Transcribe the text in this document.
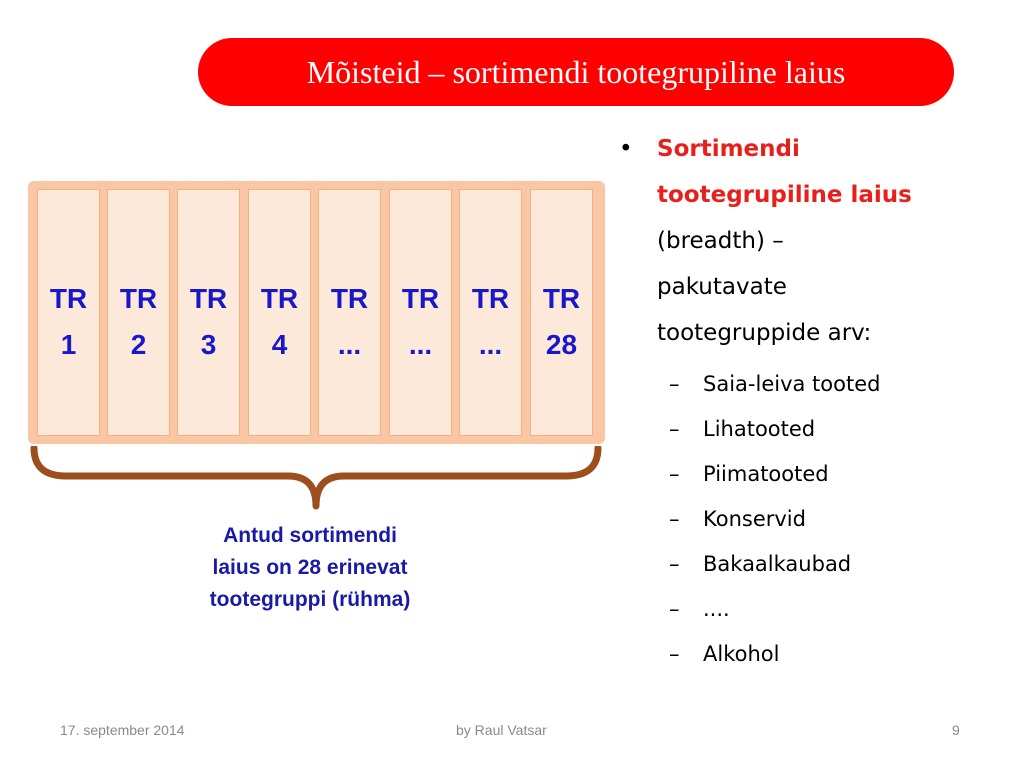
Mõisteid – sortimendi tootegrupiline laius
TR
1
TR
2
TR
3
TR
4
TR
...
TR
...
TR
...
TR
28
Antud sortimendi
laius on 28 erinevat
tootegruppi (rühma)
• Sortimendi
tootegrupiline laius
(breadth) –
pakutavate
tootegruppide arv:
– Saia-leiva tooted
– Lihatooted
– Piimatooted
– Konservid
– Bakaalkaubad
– ....
– Alkohol
17. september 2014	by Raul Vatsar	9
